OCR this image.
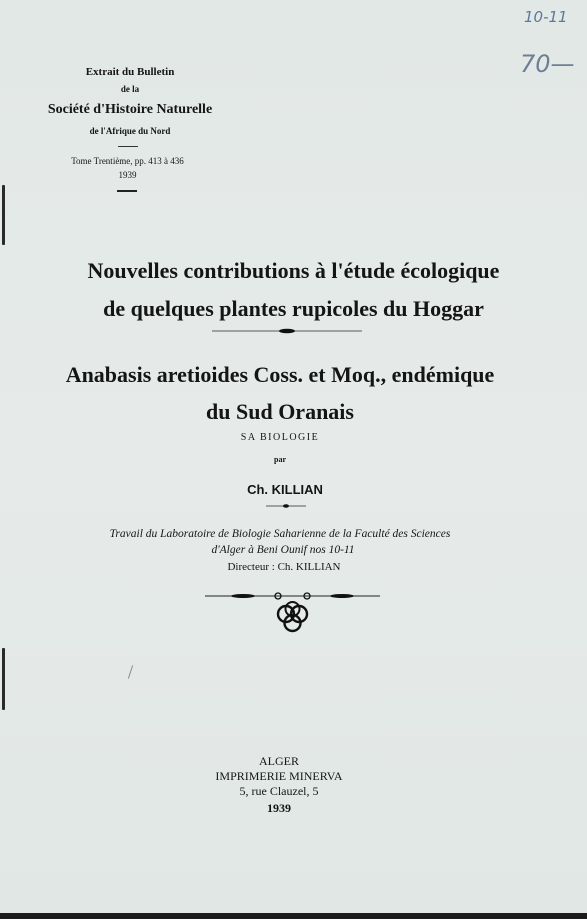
10-11
70—
Extrait du Bulletin
de la
Société d'Histoire Naturelle
de l'Afrique du Nord
Tome Trentième, pp. 413 à 436
1939
Nouvelles contributions à l'étude écologique
de quelques plantes rupicoles du Hoggar
Anabasis aretioides Coss. et Moq., endémique
du Sud Oranais
SA BIOLOGIE
par
Ch. KILLIAN
Travail du Laboratoire de Biologie Saharienne de la Faculté des Sciences
d'Alger à Beni Ounif nos 10-11
Directeur : Ch. KILLIAN
ALGER
IMPRIMERIE MINERVA
5, rue Clauzel, 5
1939
